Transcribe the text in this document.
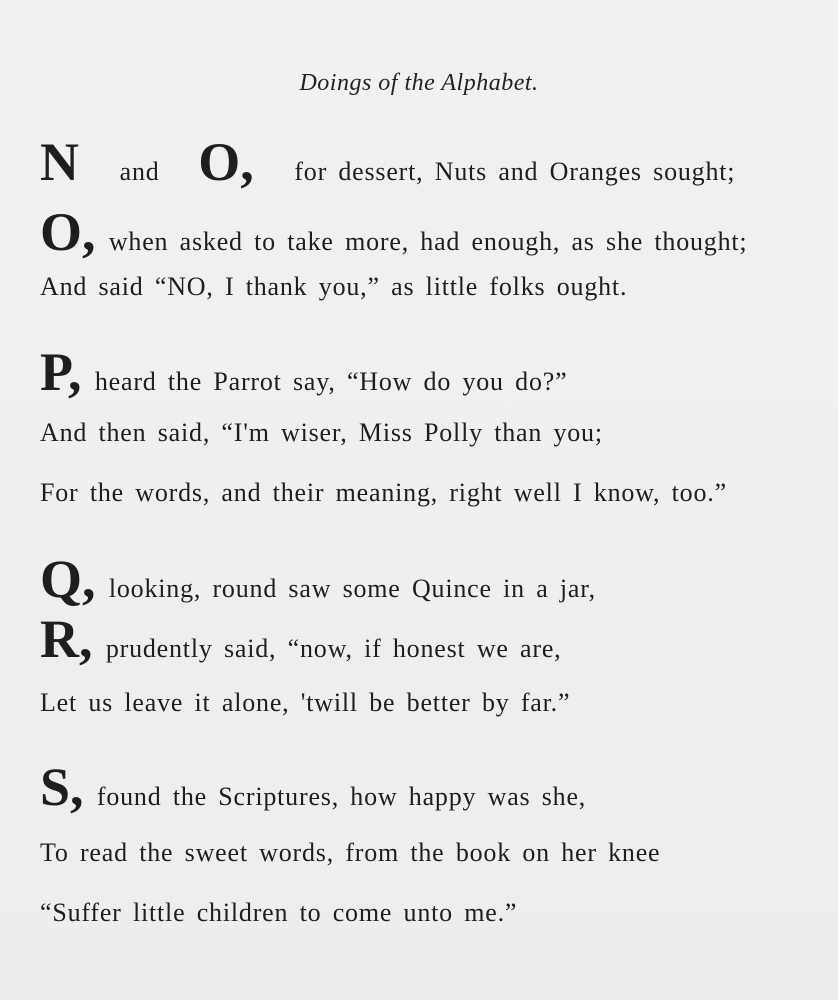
Doings of the Alphabet.
N and O, for dessert, Nuts and Oranges sought;
O, when asked to take more, had enough, as she thought;
And said “NO, I thank you,” as little folks ought.
P, heard the Parrot say, “How do you do?”
And then said, “I'm wiser, Miss Polly than you;
For the words, and their meaning, right well I know, too.”
Q, looking, round saw some Quince in a jar,
R, prudently said, “now, if honest we are,
Let us leave it alone, 'twill be better by far.”
S, found the Scriptures, how happy was she,
To read the sweet words, from the book on her knee
“Suffer little children to come unto me.”
